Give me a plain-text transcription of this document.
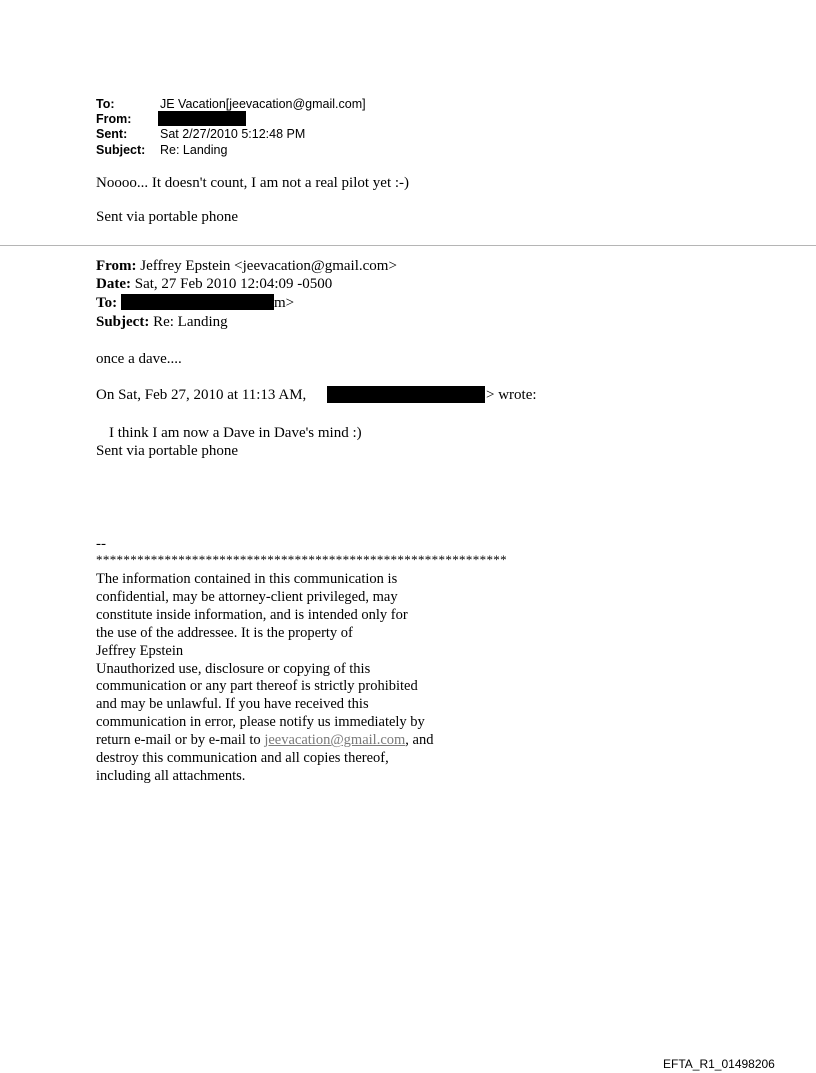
To:	JE Vacation[jeevacation@gmail.com]
From:
Sent:	Sat 2/27/2010 5:12:48 PM
Subject: Re: Landing
Noooo... It doesn't count, I am not a real pilot yet :-)
Sent via portable phone
From: Jeffrey Epstein <jeevacation@gmail.com>
Date: Sat, 27 Feb 2010 12:04:09 -0500
To:	m>
Subject: Re: Landing
once a dave....
On Sat, Feb 27, 2010 at 11:13 AM,	> wrote:
I think I am now a Dave in Dave's mind :)
Sent via portable phone
--
************************************************************
The information contained in this communication is
confidential, may be attorney-client privileged, may
constitute inside information, and is intended only for
the use of the addressee. It is the property of
Jeffrey Epstein
Unauthorized use, disclosure or copying of this
communication or any part thereof is strictly prohibited
and may be unlawful. If you have received this
communication in error, please notify us immediately by
return e-mail or by e-mail to jeevacation@gmail.com, and
destroy this communication and all copies thereof,
including all attachments.
EFTA_R1_01498206
